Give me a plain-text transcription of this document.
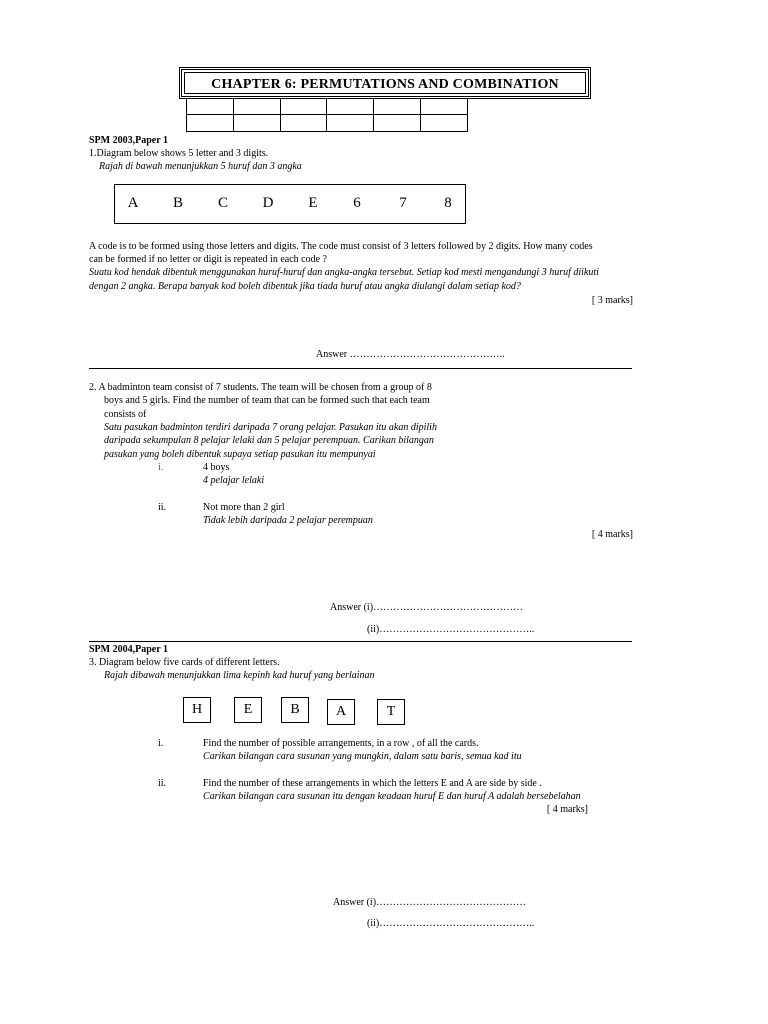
CHAPTER 6: PERMUTATIONS AND COMBINATION
SPM 2003,Paper 1
1.Diagram below shows 5 letter and 3 digits.
Rajah di bawah menunjukkan 5 huruf dan 3 angka
A	B	C	D	E	6	7	8
A code is to be formed using those letters and digits. The code must consist of 3 letters followed by 2 digits. How many codes
can be formed if no letter or digit is repeated in each code ?
Suatu kod hendak dibentuk menggunakan huruf-huruf dan angka-angka tersebut. Setiap kod mesti mengandungi 3 huruf diikuti
dengan 2 angka. Berapa banyak kod boleh dibentuk jika tiada huruf atau angka diulangi dalam setiap kod?
[ 3 marks]
Answer ………………………………………..
2. A badminton team consist of 7 students. The team will be chosen from a group of 8
boys and 5 girls. Find the number of team that can be formed such that each team
consists of
Satu pasukan badminton terdiri daripada 7 orang pelajar. Pasukan itu akan dipilih
daripada sekumpulan 8 pelajar lelaki dan 5 pelajar perempuan. Carikan bilangan
pasukan yang boleh dibentuk supaya setiap pasukan itu mempunyai
i.	4 boys
4 pelajar lelaki
ii.	Not more than 2 girl
Tidak lebih daripada 2 pelajar perempuan
[ 4 marks]
Answer (i)………………………………………
(ii)………………………………………..
SPM 2004,Paper 1
3. Diagram below five cards of different letters.
Rajah dibawah menunjukkan lima kepinh kad huruf yang berlainan
H	E	B	A	T
i.	Find the number of possible arrangements, in a row , of all the cards.
Carikan bilangan cara susunan yang mungkin, dalam satu baris, semua kad itu
ii.	Find the number of these arrangements in which the letters E and A are side by side .
Carikan bilangan cara susunan itu dengan keadaan huruf E dan huruf A adalah bersebelahan
[ 4 marks]
Answer (i)………………………………………
(ii)………………………………………..
